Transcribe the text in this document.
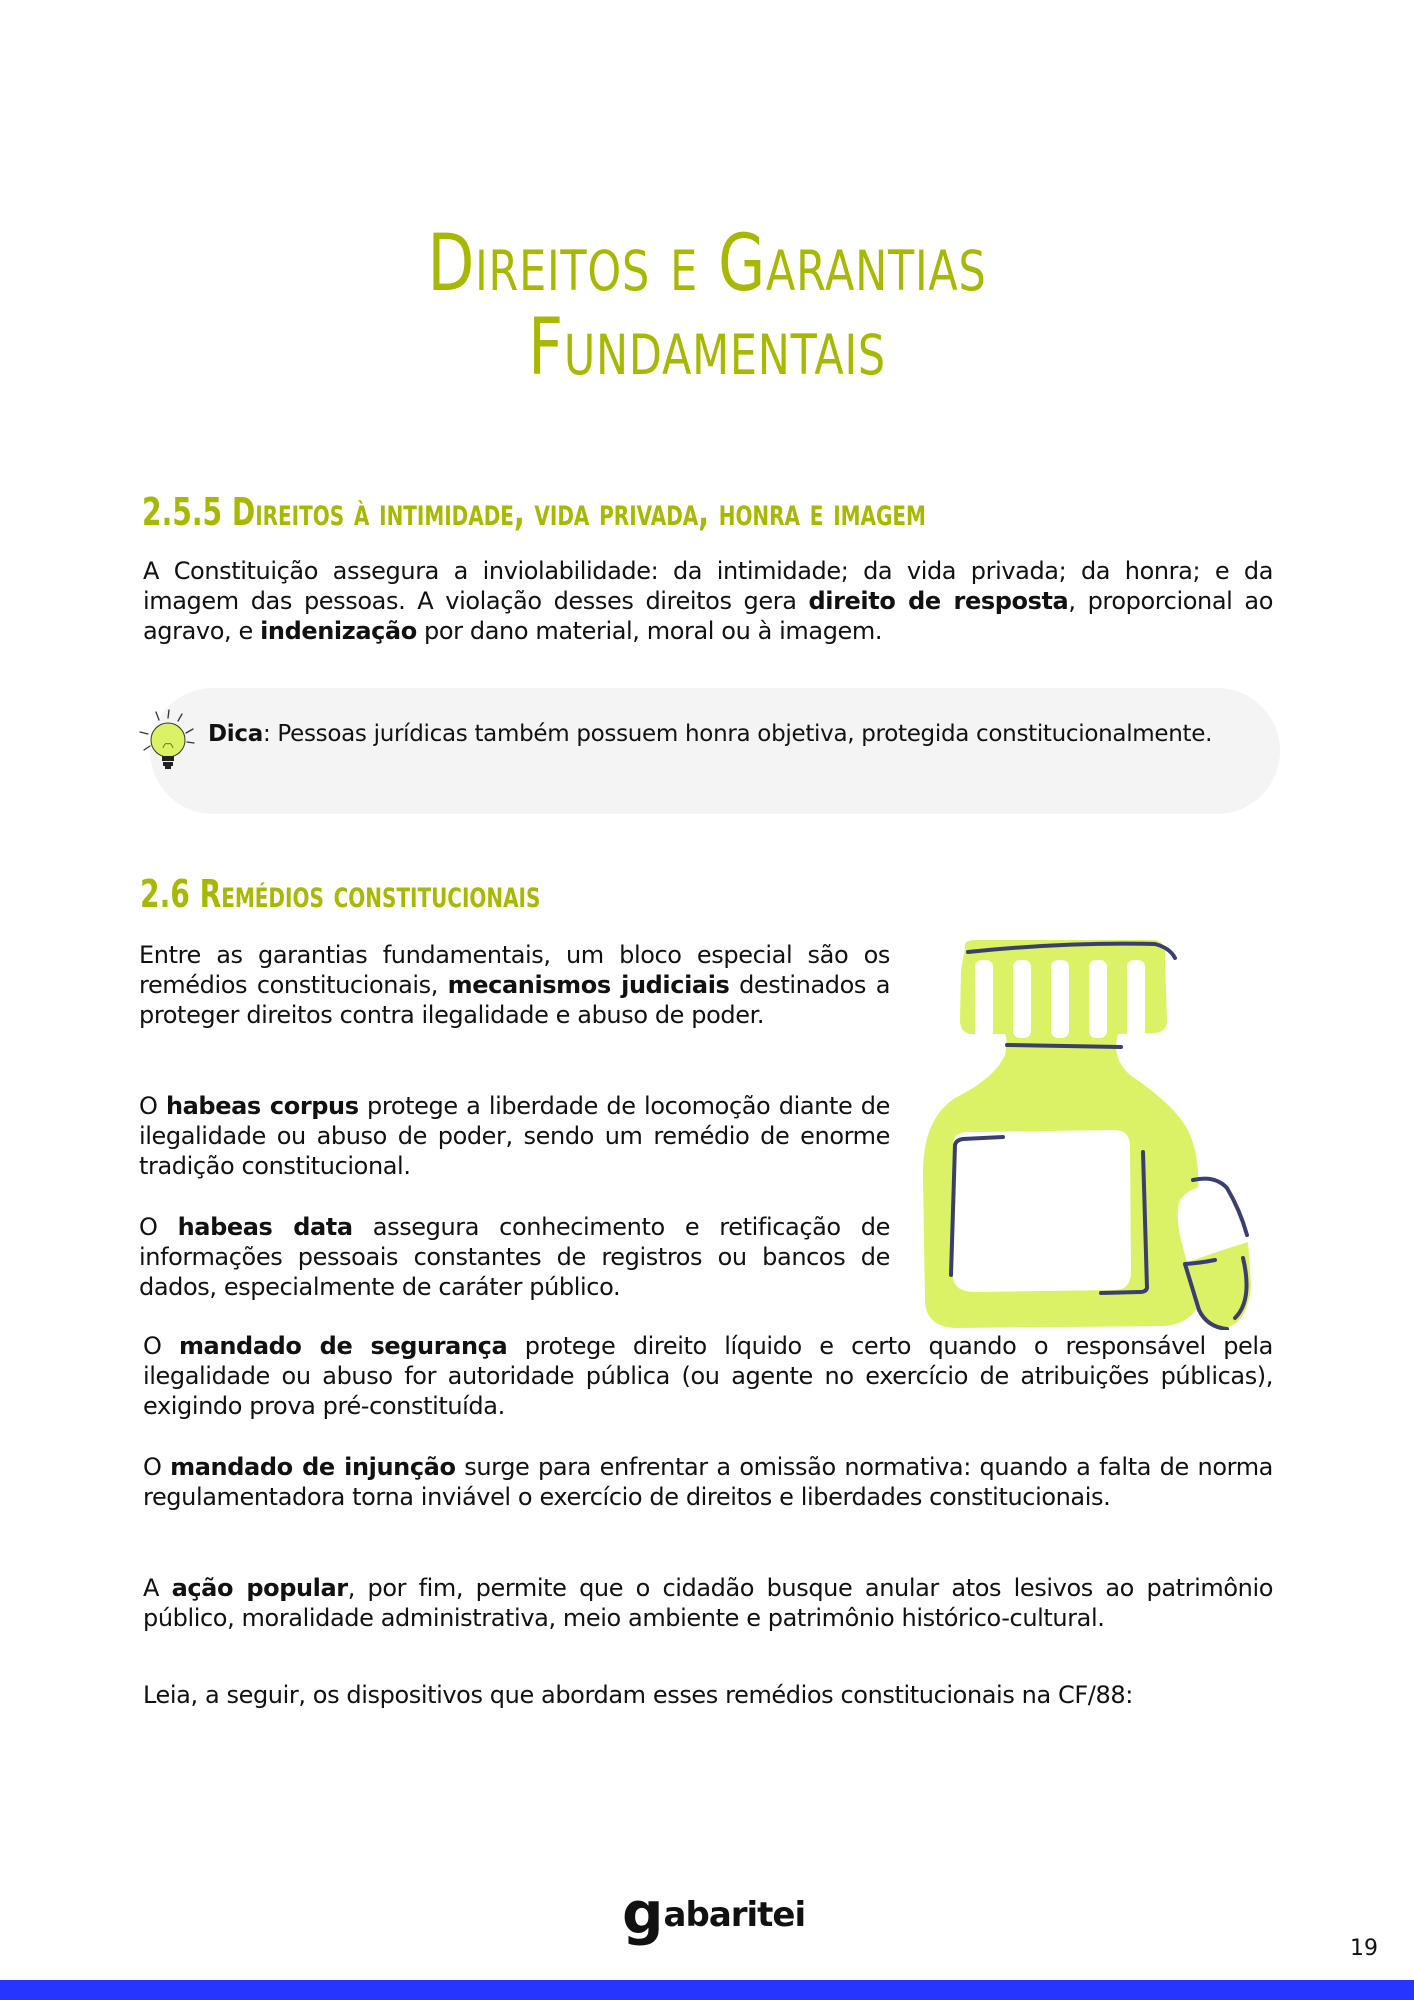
Direitos e Garantias
Fundamentais
2.5.5 Direitos à intimidade, vida privada, honra e imagem

A Constituição assegura a inviolabilidade: da intimidade; da vida privada; da honra; e da imagem das pessoas. A violação desses direitos gera direito de resposta, proporcional ao agravo, e indenização por dano material, moral ou à imagem.

Dica: Pessoas jurídicas também possuem honra objetiva, protegida constitucionalmente.

2.6 Remédios constitucionais

Entre as garantias fundamentais, um bloco especial são os remédios constitucionais, mecanismos judiciais destinados a proteger direitos contra ilegalidade e abuso de poder.

O habeas corpus protege a liberdade de locomoção diante de ilegalidade ou abuso de poder, sendo um remédio de enorme tradição constitucional.

O habeas data assegura conhecimento e retificação de informações pessoais constantes de registros ou bancos de dados, especialmente de caráter público.

O mandado de segurança protege direito líquido e certo quando o responsável pela ilegalidade ou abuso for autoridade pública (ou agente no exercício de atribuições públicas), exigindo prova pré-constituída.

O mandado de injunção surge para enfrentar a omissão normativa: quando a falta de norma regulamentadora torna inviável o exercício de direitos e liberdades constitucionais.

A ação popular, por fim, permite que o cidadão busque anular atos lesivos ao patrimônio público, moralidade administrativa, meio ambiente e patrimônio histórico-cultural.

Leia, a seguir, os dispositivos que abordam esses remédios constitucionais na CF/88:

g abaritei
19
